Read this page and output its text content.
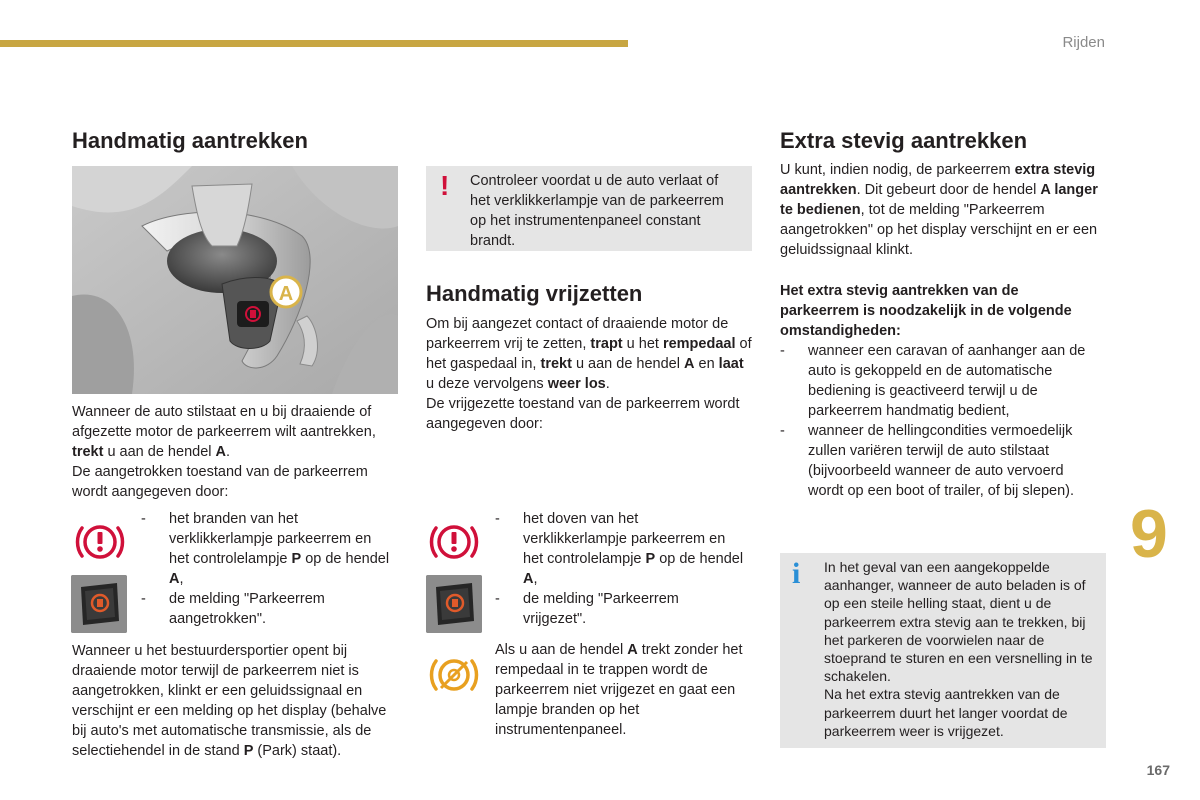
Rijden
Handmatig aantrekken
A

Wanneer de auto stilstaat en u bij draaiende of afgezette motor de parkeerrem wilt aantrekken, trekt u aan de hendel A.

De aangetrokken toestand van de parkeerrem wordt aangegeven door:

- het branden van het verklikkerlampje parkeerrem en het controlelampje P op de hendel A,
- de melding "Parkeerrem aangetrokken".
Wanneer u het bestuurdersportier opent bij draaiende motor terwijl de parkeerrem niet is aangetrokken, klinkt er een geluidssignaal en verschijnt er een melding op het display (behalve bij auto's met automatische transmissie, als de selectiehendel in de stand P (Park) staat).
! Controleer voordat u de auto verlaat of het verklikkerlampje van de parkeerrem op het instrumentenpaneel constant brandt.
Handmatig vrijzetten

Om bij aangezet contact of draaiende motor de parkeerrem vrij te zetten, trapt u het rempedaal of het gaspedaal in, trekt u aan de hendel A en laat u deze vervolgens weer los.

De vrijgezette toestand van de parkeerrem wordt aangegeven door:

- het doven van het verklikkerlampje parkeerrem en het controlelampje P op de hendel A,
- de melding "Parkeerrem vrijgezet".
Als u aan de hendel A trekt zonder het rempedaal in te trappen wordt de parkeerrem niet vrijgezet en gaat een lampje branden op het instrumentenpaneel.
Extra stevig aantrekken
U kunt, indien nodig, de parkeerrem extra stevig aantrekken. Dit gebeurt door de hendel A langer te bedienen, tot de melding "Parkeerrem aangetrokken" op het display verschijnt en er een geluidssignaal klinkt.
Het extra stevig aantrekken van de parkeerrem is noodzakelijk in de volgende omstandigheden:
- wanneer een caravan of aanhanger aan de auto is gekoppeld en de automatische bediening is geactiveerd terwijl u de parkeerrem handmatig bedient,
- wanneer de hellingcondities vermoedelijk zullen variëren terwijl de auto stilstaat (bijvoorbeeld wanneer de auto vervoerd wordt op een boot of trailer, of bij slepen).
9
i In het geval van een aangekoppelde aanhanger, wanneer de auto beladen is of op een steile helling staat, dient u de parkeerrem extra stevig aan te trekken, bij het parkeren de voorwielen naar de stoeprand te sturen en een versnelling in te schakelen.
Na het extra stevig aantrekken van de parkeerrem duurt het langer voordat de parkeerrem weer is vrijgezet.
167
